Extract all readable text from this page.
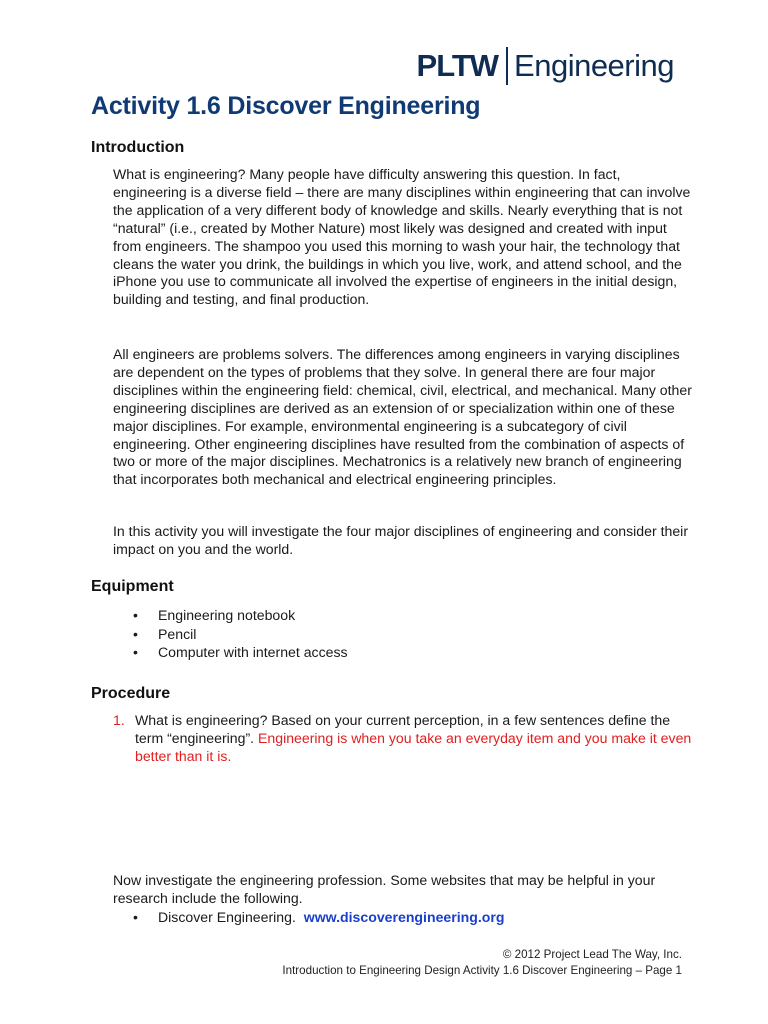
PLTW Engineering
Activity 1.6 Discover Engineering
Introduction

What is engineering? Many people have difficulty answering this question. In fact, engineering is a diverse field – there are many disciplines within engineering that can involve the application of a very different body of knowledge and skills. Nearly everything that is not “natural” (i.e., created by Mother Nature) most likely was designed and created with input from engineers. The shampoo you used this morning to wash your hair, the technology that cleans the water you drink, the buildings in which you live, work, and attend school, and the iPhone you use to communicate all involved the expertise of engineers in the initial design, building and testing, and final production.

All engineers are problems solvers. The differences among engineers in varying disciplines are dependent on the types of problems that they solve. In general there are four major disciplines within the engineering field: chemical, civil, electrical, and mechanical. Many other engineering disciplines are derived as an extension of or specialization within one of these major disciplines. For example, environmental engineering is a subcategory of civil engineering. Other engineering disciplines have resulted from the combination of aspects of two or more of the major disciplines. Mechatronics is a relatively new branch of engineering that incorporates both mechanical and electrical engineering principles.

In this activity you will investigate the four major disciplines of engineering and consider their impact on you and the world.

Equipment
• Engineering notebook
• Pencil
• Computer with internet access
Procedure
1. What is engineering? Based on your current perception, in a few sentences define the term “engineering”. Engineering is when you take an everyday item and you make it even better than it is.

Now investigate the engineering profession. Some websites that may be helpful in your research include the following.

• Discover Engineering. www.discoverengineering.org
© 2012 Project Lead The Way, Inc.
Introduction to Engineering Design Activity 1.6 Discover Engineering – Page 1
